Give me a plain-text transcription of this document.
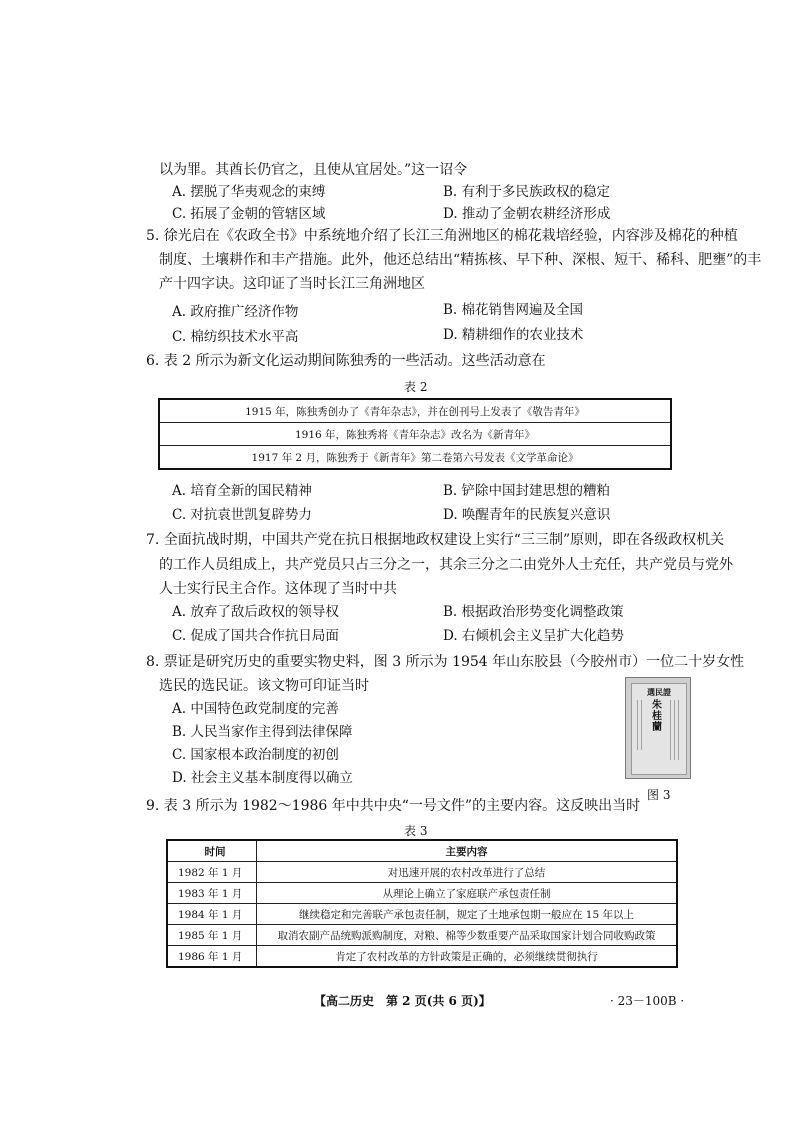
以为罪。其酋长仍官之，且使从宜居处。”这一诏令
A. 摆脱了华夷观念的束缚	B. 有利于多民族政权的稳定
C. 拓展了金朝的管辖区域	D. 推动了金朝农耕经济形成
5. 徐光启在《农政全书》中系统地介绍了长江三角洲地区的棉花栽培经验，内容涉及棉花的种植
制度、土壤耕作和丰产措施。此外，他还总结出“精拣核、早下种、深根、短干、稀科、肥壅”的丰
产十四字诀。这印证了当时长江三角洲地区
A. 政府推广经济作物	B. 棉花销售网遍及全国
C. 棉纺织技术水平高	D. 精耕细作的农业技术
6. 表 2 所示为新文化运动期间陈独秀的一些活动。这些活动意在
表 2
1915 年，陈独秀创办了《青年杂志》，并在创刊号上发表了《敬告青年》
1916 年，陈独秀将《青年杂志》改名为《新青年》
1917 年 2 月，陈独秀于《新青年》第二卷第六号发表《文学革命论》
A. 培育全新的国民精神	B. 铲除中国封建思想的糟粕
C. 对抗袁世凯复辟势力	D. 唤醒青年的民族复兴意识
7. 全面抗战时期，中国共产党在抗日根据地政权建设上实行“三三制”原则，即在各级政权机关
的工作人员组成上，共产党员只占三分之一，其余三分之二由党外人士充任，共产党员与党外
人士实行民主合作。这体现了当时中共
A. 放弃了敌后政权的领导权	B. 根据政治形势变化调整政策
C. 促成了国共合作抗日局面	D. 右倾机会主义呈扩大化趋势
8. 票证是研究历史的重要实物史料，图 3 所示为 1954 年山东胶县（今胶州市）一位二十岁女性
选民的选民证。该文物可印证当时
A. 中国特色政党制度的完善
B. 人民当家作主得到法律保障
C. 国家根本政治制度的初创
D. 社会主义基本制度得以确立
選民證
朱桂蘭
图 3
9. 表 3 所示为 1982～1986 年中共中央“一号文件”的主要内容。这反映出当时
表 3
时间	主要内容
1982 年 1 月	对迅速开展的农村改革进行了总结
1983 年 1 月	从理论上确立了家庭联产承包责任制
1984 年 1 月	继续稳定和完善联产承包责任制，规定了土地承包期一般应在 15 年以上
1985 年 1 月	取消农副产品统购派购制度，对粮、棉等少数重要产品采取国家计划合同收购政策
1986 年 1 月	肯定了农村改革的方针政策是正确的，必须继续贯彻执行
【高二历史　第 2 页(共 6 页)】	· 23－100B ·
